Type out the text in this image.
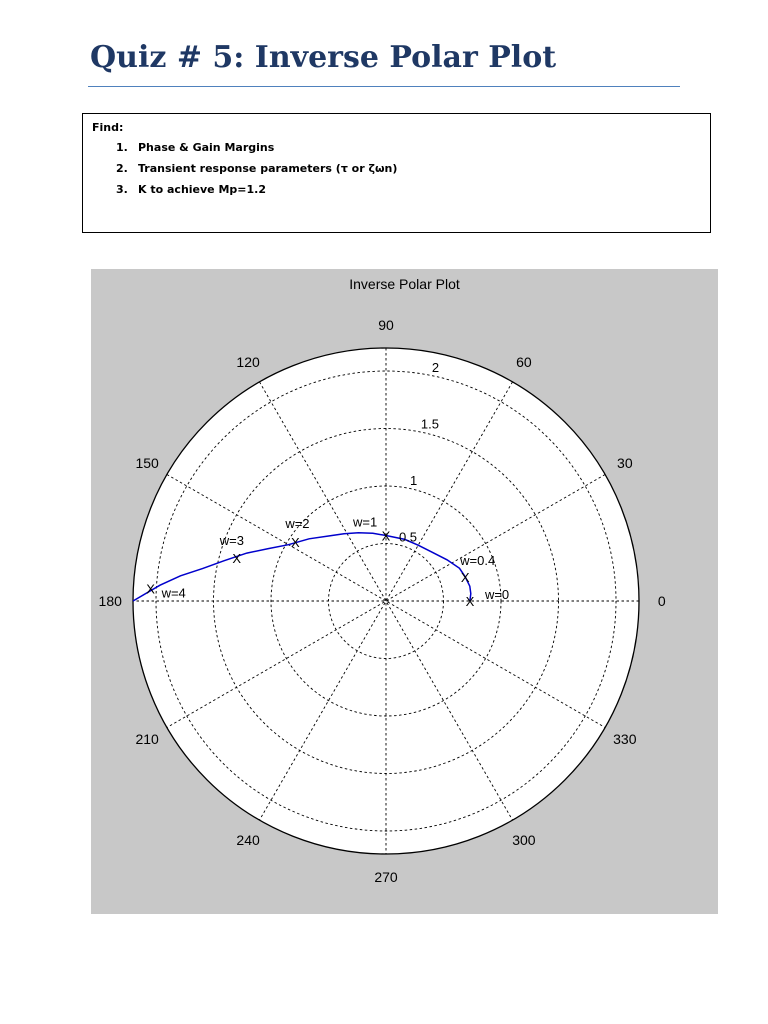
Quiz # 5: Inverse Polar Plot
Find:
1. Phase & Gain Margins
2. Transient response parameters (τ or ζωn)
3. K to achieve Mp=1.2
Inverse Polar Plot
X
X
X
X
X
X
0
30
60
90
120
150
180
210
240
270
300
330
0.5
1
1.5
2
w=0
w=0.4
w=1
w=2
w=3
w=4
